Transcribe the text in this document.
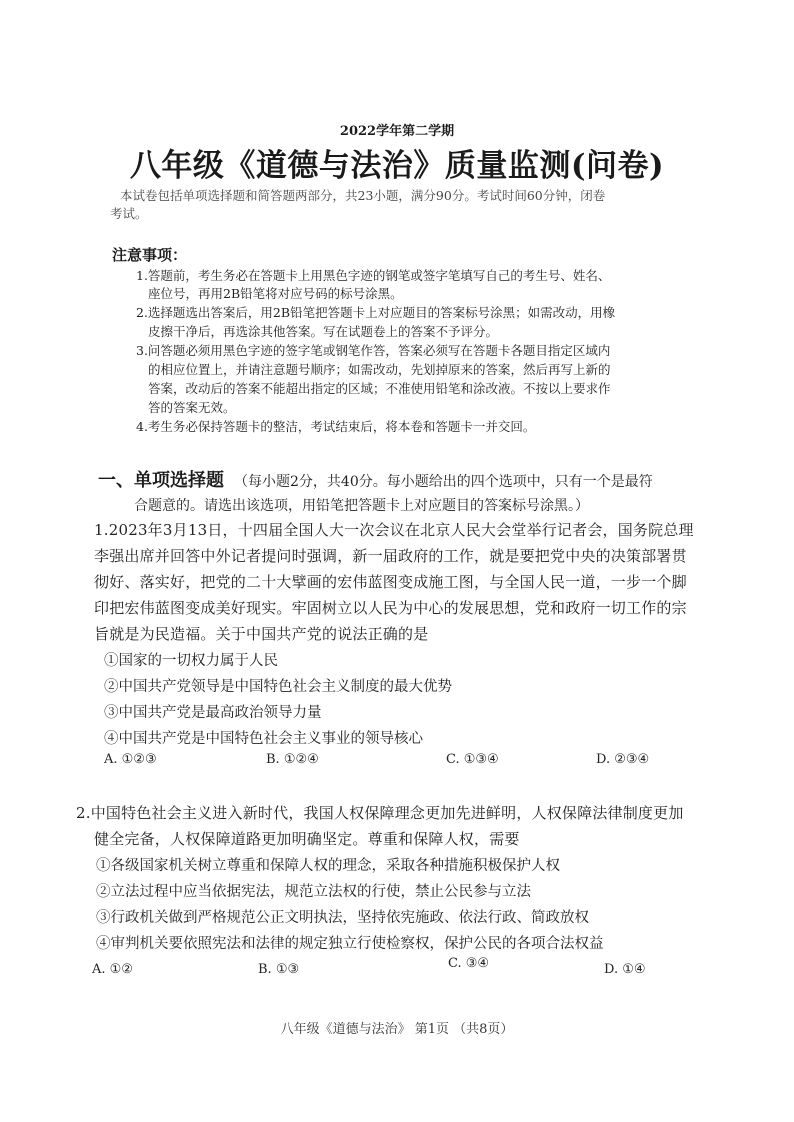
2022学年第二学期
八年级《道德与法治》质量监测(问卷)
本试卷包括单项选择题和简答题两部分，共23小题，满分90分。考试时间60分钟，闭卷
考试。
注意事项：
1.答题前，考生务必在答题卡上用黑色字迹的钢笔或签字笔填写自己的考生号、姓名、
座位号，再用2B铅笔将对应号码的标号涂黑。
2.选择题选出答案后，用2B铅笔把答题卡上对应题目的答案标号涂黑；如需改动，用橡
皮擦干净后，再选涂其他答案。写在试题卷上的答案不予评分。
3.问答题必须用黑色字迹的签字笔或钢笔作答，答案必须写在答题卡各题目指定区域内
的相应位置上，并请注意题号顺序；如需改动，先划掉原来的答案，然后再写上新的
答案，改动后的答案不能超出指定的区域；不准使用铅笔和涂改液。不按以上要求作
答的答案无效。
4.考生务必保持答题卡的整洁，考试结束后，将本卷和答题卡一并交回。
一、单项选择题 （每小题2分，共40分。每小题给出的四个选项中，只有一个是最符
合题意的。请选出该选项，用铅笔把答题卡上对应题目的答案标号涂黑。）
1.2023年3月13日，十四届全国人大一次会议在北京人民大会堂举行记者会，国务院总理
李强出席并回答中外记者提问时强调，新一届政府的工作，就是要把党中央的决策部署贯
彻好、落实好，把党的二十大擘画的宏伟蓝图变成施工图，与全国人民一道，一步一个脚
印把宏伟蓝图变成美好现实。牢固树立以人民为中心的发展思想，党和政府一切工作的宗
旨就是为民造福。关于中国共产党的说法正确的是
①国家的一切权力属于人民
②中国共产党领导是中国特色社会主义制度的最大优势
③中国共产党是最高政治领导力量
④中国共产党是中国特色社会主义事业的领导核心
A. ①②③	B. ①②④	C. ①③④	D. ②③④
2.中国特色社会主义进入新时代，我国人权保障理念更加先进鲜明，人权保障法律制度更加
健全完备，人权保障道路更加明确坚定。尊重和保障人权，需要
①各级国家机关树立尊重和保障人权的理念，采取各种措施积极保护人权
②立法过程中应当依据宪法，规范立法权的行使，禁止公民参与立法
③行政机关做到严格规范公正文明执法，坚持依宪施政、依法行政、简政放权
④审判机关要依照宪法和法律的规定独立行使检察权，保护公民的各项合法权益
A. ①②	B. ①③	C. ③④	D. ①④
八年级《道德与法治》 第1页 （共8页）
